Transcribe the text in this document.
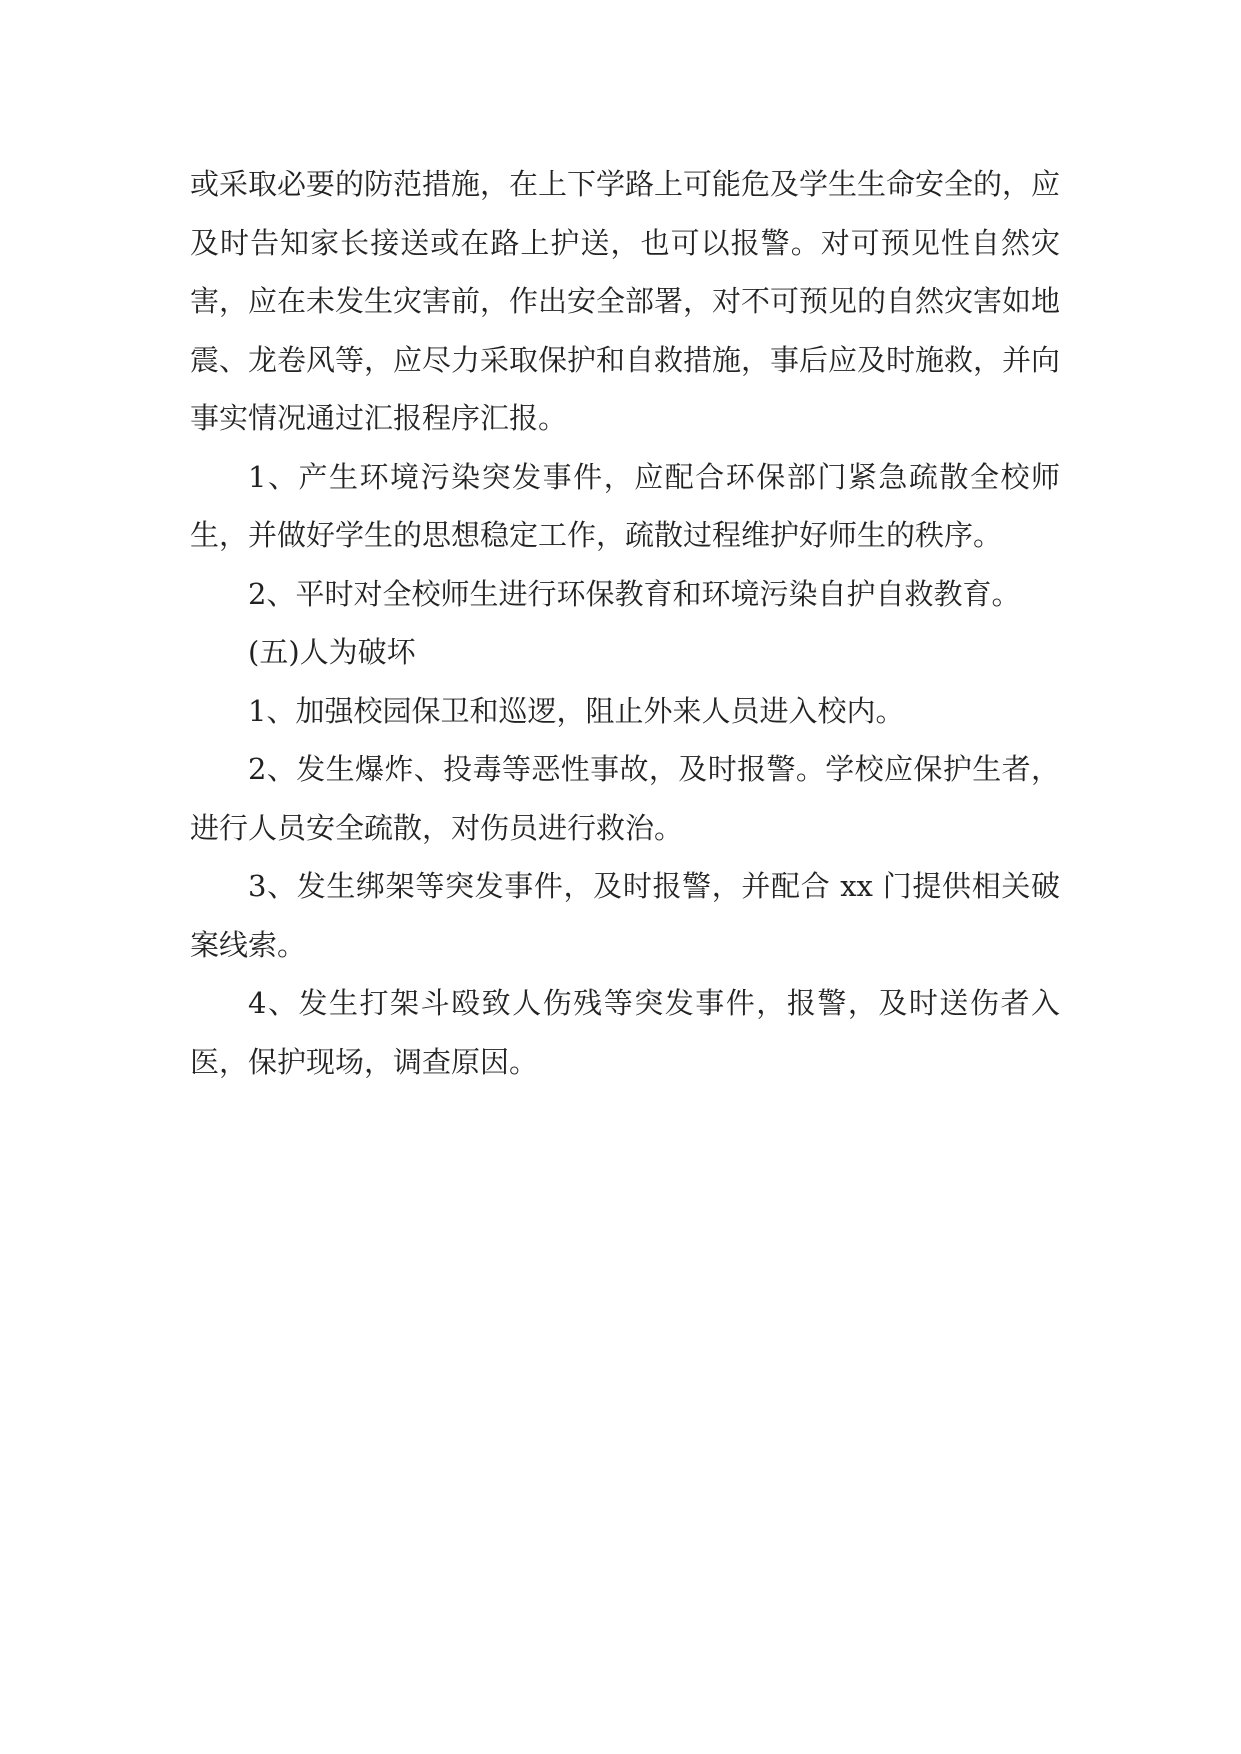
或采取必要的防范措施，在上下学路上可能危及学生生命安全的，应及时告知家长接送或在路上护送，也可以报警。对可预见性自然灾害，应在未发生灾害前，作出安全部署，对不可预见的自然灾害如地震、龙卷风等，应尽力采取保护和自救措施，事后应及时施救，并向事实情况通过汇报程序汇报。

1、产生环境污染突发事件，应配合环保部门紧急疏散全校师生，并做好学生的思想稳定工作，疏散过程维护好师生的秩序。

2、平时对全校师生进行环保教育和环境污染自护自救教育。

(五)人为破坏

1、加强校园保卫和巡逻，阻止外来人员进入校内。

2、发生爆炸、投毒等恶性事故，及时报警。学校应保护生者，进行人员安全疏散，对伤员进行救治。

3、发生绑架等突发事件，及时报警，并配合 xx 门提供相关破案线索。

4、发生打架斗殴致人伤残等突发事件，报警，及时送伤者入医，保护现场，调查原因。
